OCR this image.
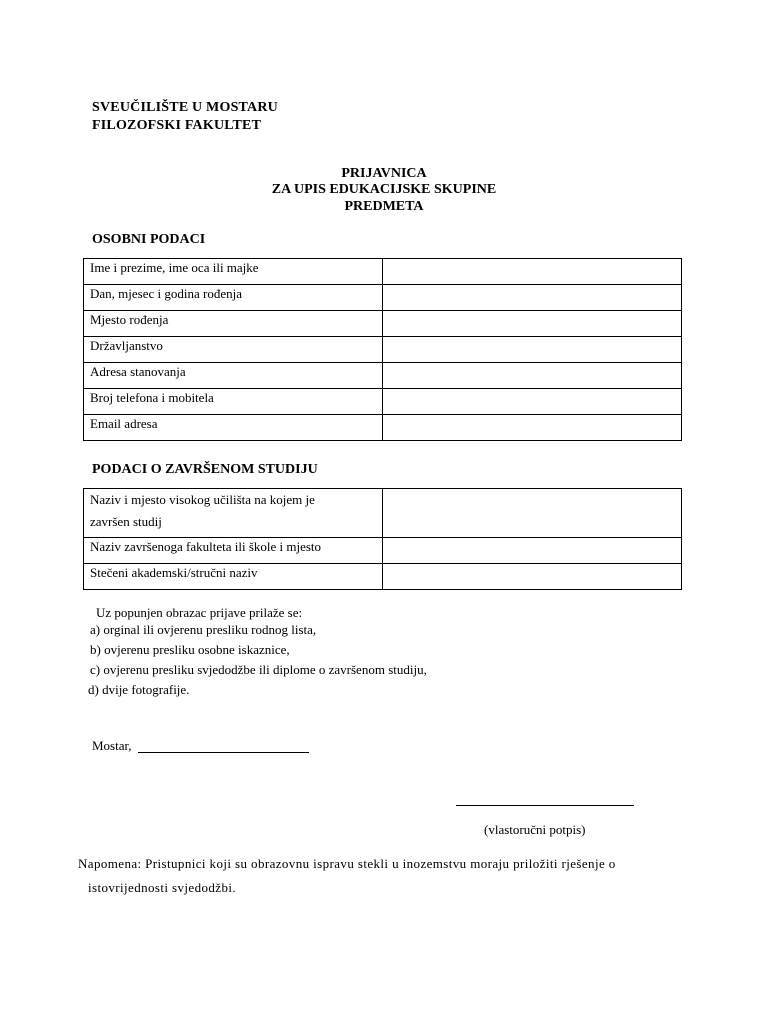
SVEUČILIŠTE U MOSTARU
FILOZOFSKI FAKULTET
PRIJAVNICA
ZA UPIS EDUKACIJSKE SKUPINE
PREDMETA
OSOBNI PODACI
Ime i prezime, ime oca ili majke	
Dan, mjesec i godina rođenja	
Mjesto rođenja	
Državljanstvo	
Adresa stanovanja	
Broj telefona i mobitela	
Email adresa	
PODACI O ZAVRŠENOM STUDIJU
Naziv i mjesto visokog učilišta na kojem je
završen studij	
Naziv završenoga fakulteta ili škole i mjesto	
Stečeni akademski/stručni naziv	
Uz popunjen obrazac prijave prilaže se:
a) orginal ili ovjerenu presliku rodnog lista,
b) ovjerenu presliku osobne iskaznice,
c) ovjerenu presliku svjedodžbe ili diplome o završenom studiju,
d) dvije fotografije.
Mostar,
(vlastoručni potpis)
Napomena: Pristupnici koji su obrazovnu ispravu stekli u inozemstvu moraju priložiti rješenje o
istovrijednosti svjedodžbi.
